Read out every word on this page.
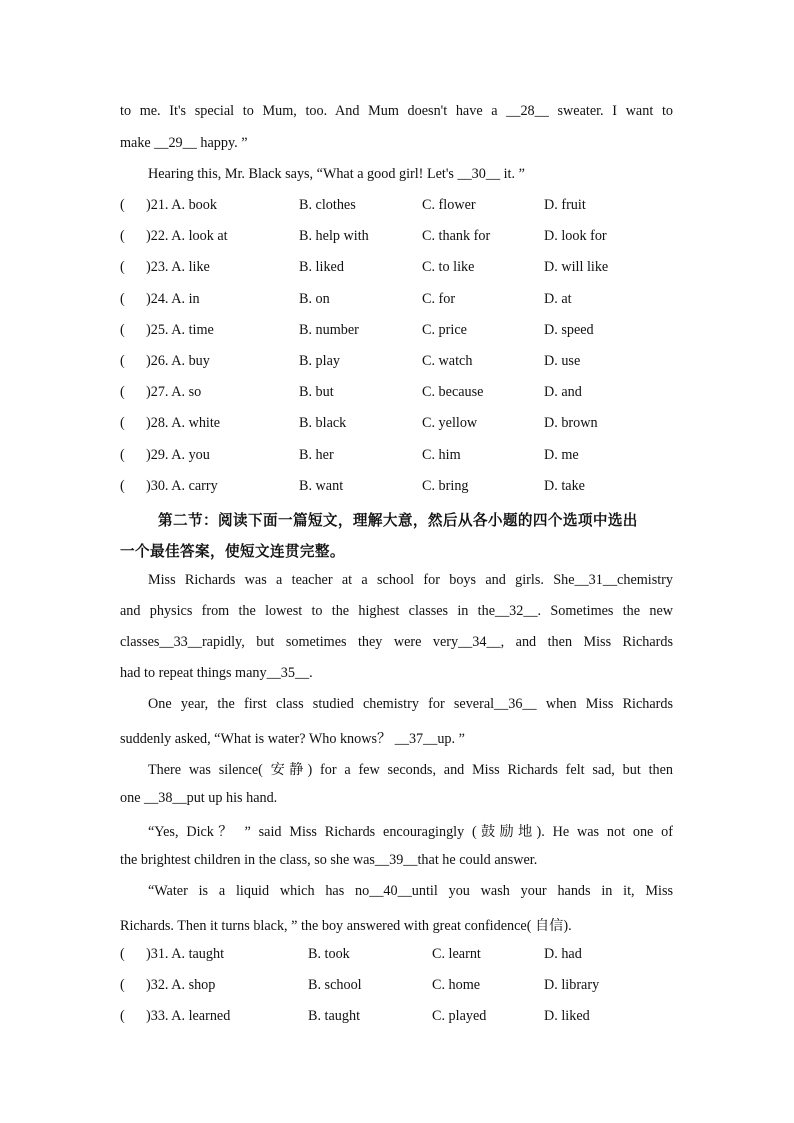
to me. It's special to Mum, too. And Mum doesn't have a __28__ sweater. I want to
make __29__ happy. ”
Hearing this, Mr. Black says, “What a good girl! Let's __30__ it. ”
(      )21. A. book	B. clothes	C. flower	D. fruit
(      )22. A. look at	B. help with	C. thank for	D. look for
(      )23. A. like	B. liked	C. to like	D. will like
(      )24. A. in	B. on	C. for	D. at
(      )25. A. time	B. number	C. price	D. speed
(      )26. A. buy	B. play	C. watch	D. use
(      )27. A. so	B. but	C. because	D. and
(      )28. A. white	B. black	C. yellow	D. brown
(      )29. A. you	B. her	C. him	D. me
(      )30. A. carry	B. want	C. bring	D. take
第二节：阅读下面一篇短文，理解大意，然后从各小题的四个选项中选出
一个最佳答案，使短文连贯完整。
Miss Richards was a teacher at a school for boys and girls. She__31__chemistry
and physics from the lowest to the highest classes in the__32__. Sometimes the new
classes__33__rapidly, but sometimes they were very__34__, and then Miss Richards
had to repeat things many__35__.
One year, the first class studied chemistry for several__36__ when Miss Richards
suddenly asked, “What is water? Who knows？ __37__up. ”
There was silence( 安静) for a few seconds, and Miss Richards felt sad, but then
one __38__put up his hand.
“Yes, Dick？ ” said Miss Richards encouragingly (鼓励地). He was not one of
the brightest children in the class, so she was__39__that he could answer.
“Water is a liquid which has no__40__until you wash your hands in it, Miss
Richards. Then it turns black, ” the boy answered with great confidence( 自信).
(      )31. A. taught	B. took	C. learnt	D. had
(      )32. A. shop	B. school	C. home	D. library
(      )33. A. learned	B. taught	C. played	D. liked
